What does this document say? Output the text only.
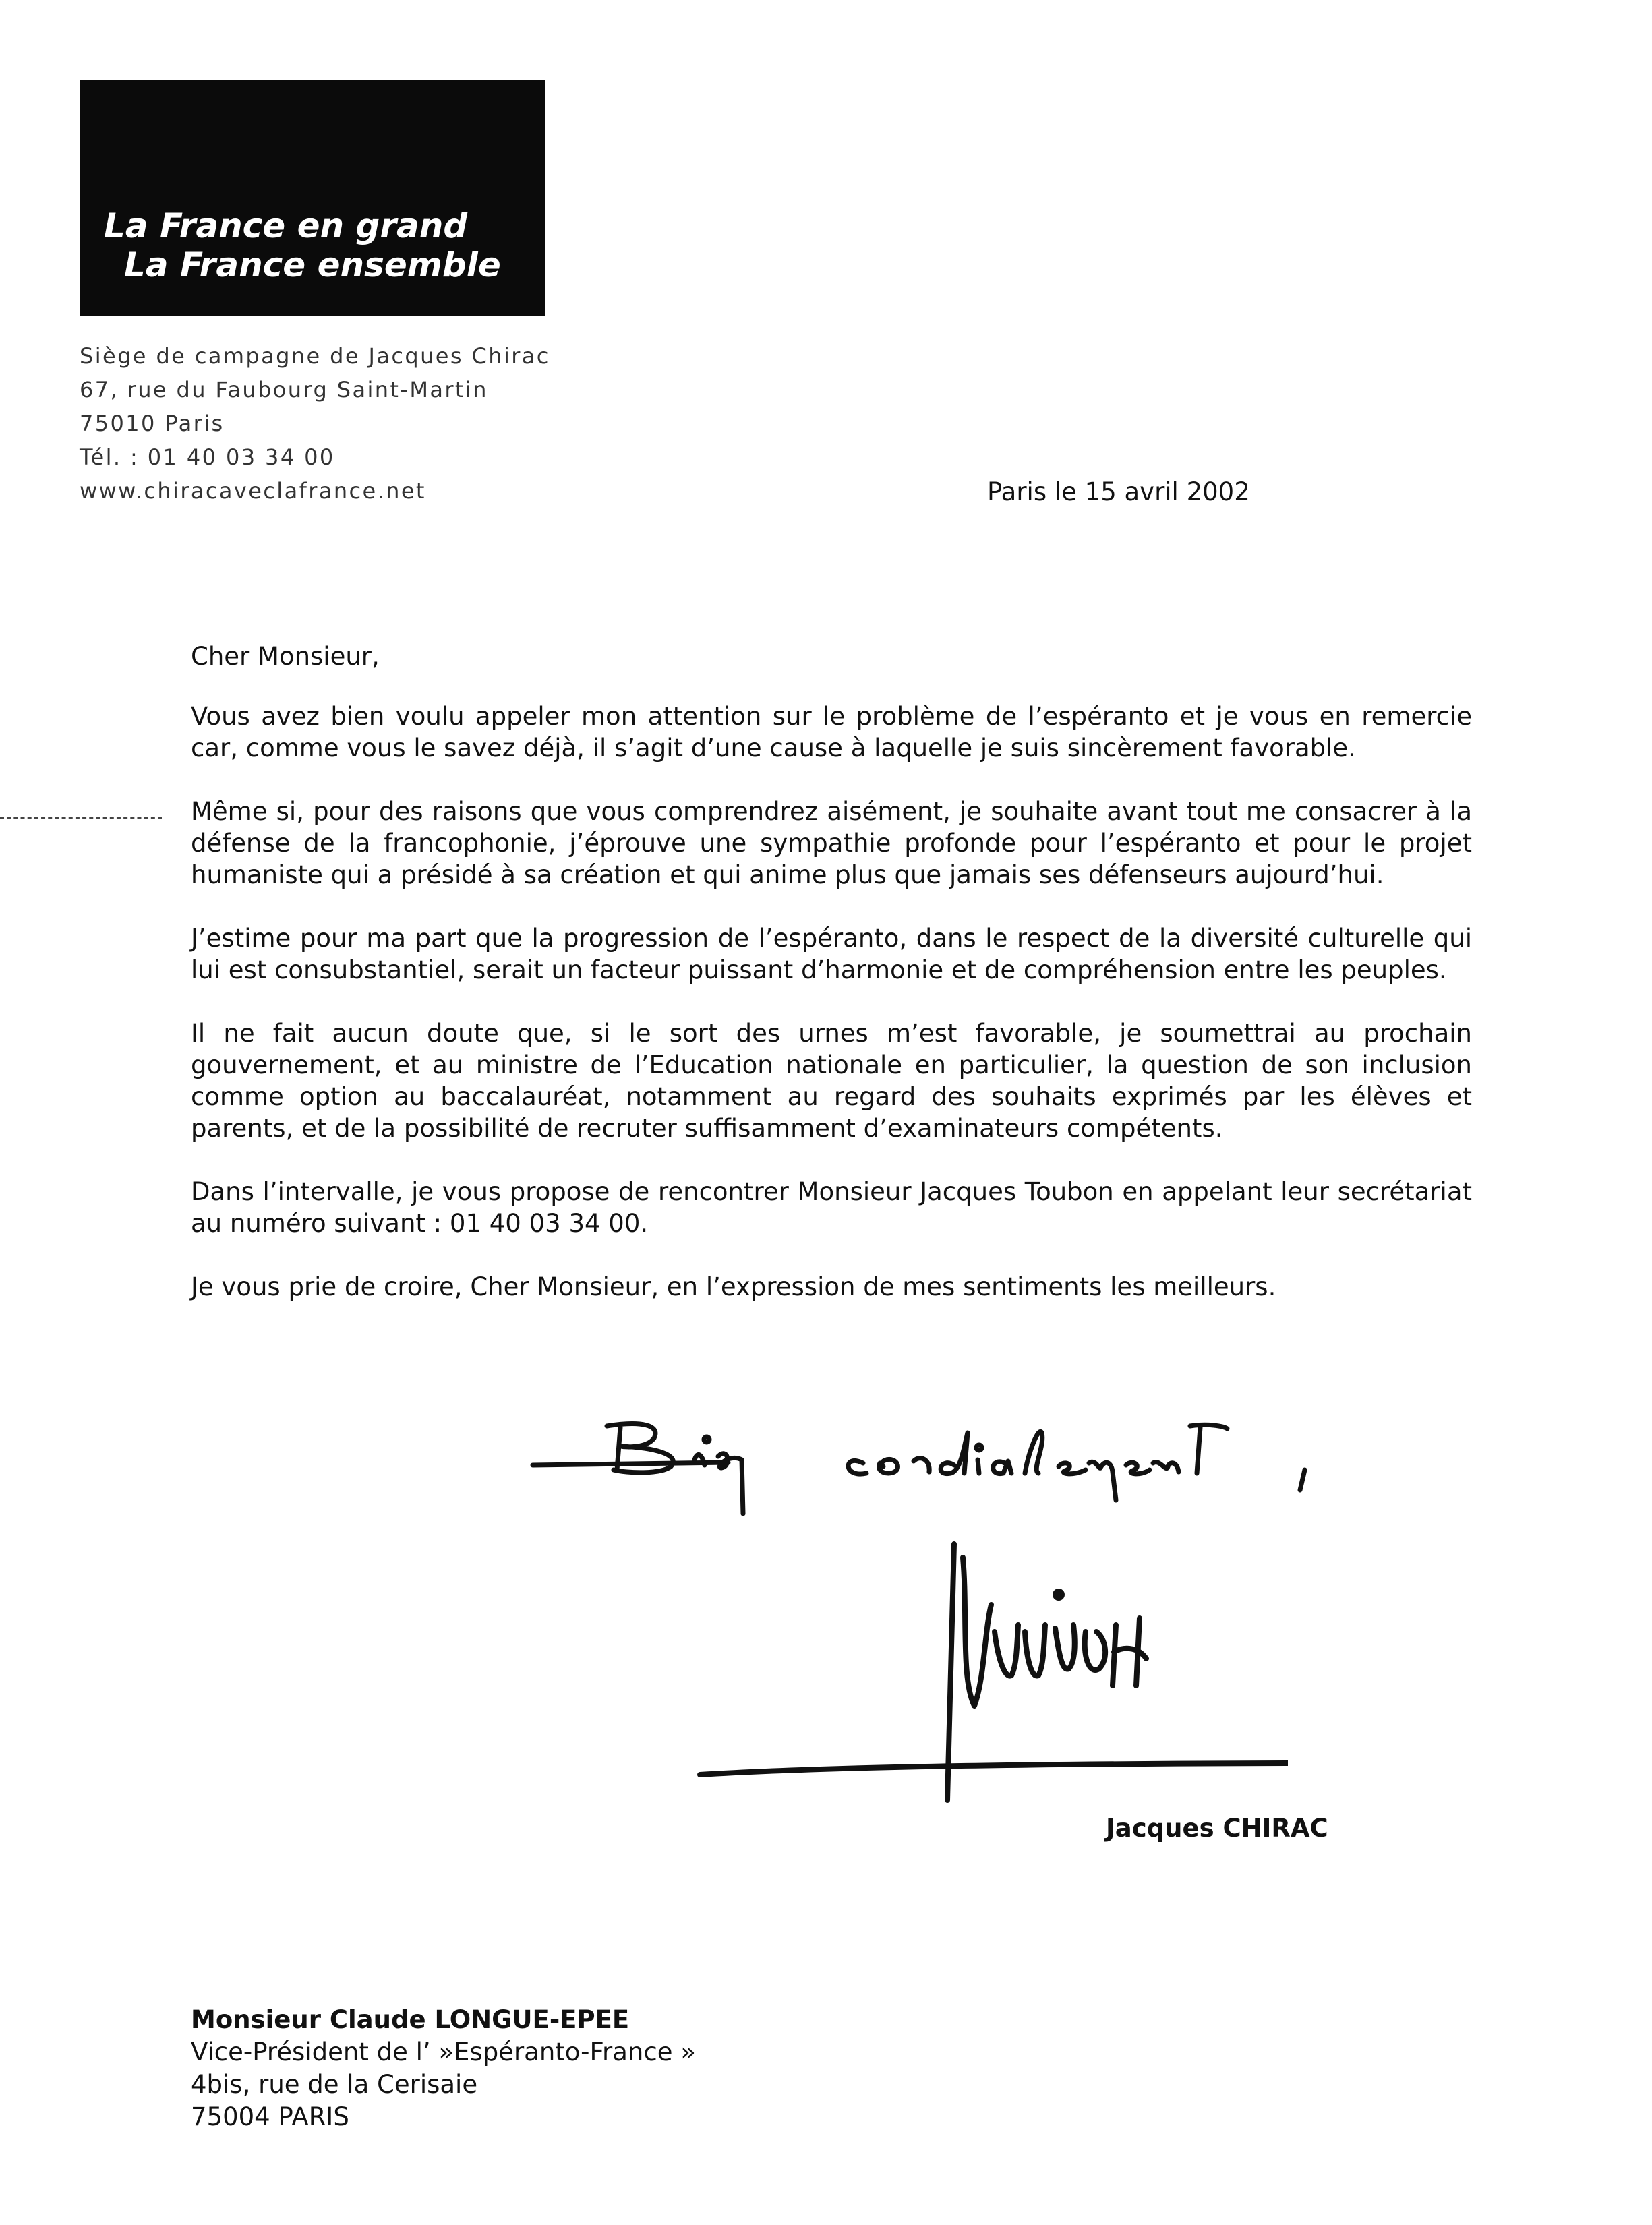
La France en grand
La France ensemble
Siège de campagne de Jacques Chirac
67, rue du Faubourg Saint-Martin
75010 Paris
Tél. : 01 40 03 34 00
www.chiracaveclafrance.net	Paris le 15 avril 2002

Cher Monsieur,

Vous avez bien voulu appeler mon attention sur le problème de l’espéranto et je vous en remercie car, comme vous le savez déjà, il s’agit d’une cause à laquelle je suis sincèrement favorable.

Même si, pour des raisons que vous comprendrez aisément, je souhaite avant tout me consacrer à la défense de la francophonie, j’éprouve une sympathie profonde pour l’espéranto et pour le projet humaniste qui a présidé à sa création et qui anime plus que jamais ses défenseurs aujourd’hui.

J’estime pour ma part que la progression de l’espéranto, dans le respect de la diversité culturelle qui lui est consubstantiel, serait un facteur puissant d’harmonie et de compréhension entre les peuples.

Il ne fait aucun doute que, si le sort des urnes m’est favorable, je soumettrai au prochain gouvernement, et au ministre de l’Education nationale en particulier, la question de son inclusion comme option au baccalauréat, notamment au regard des souhaits exprimés par les élèves et parents, et de la possibilité de recruter suffisamment d’examinateurs compétents.

Dans l’intervalle, je vous propose de rencontrer Monsieur Jacques Toubon en appelant leur secrétariat au numéro suivant : 01 40 03 34 00.

Je vous prie de croire, Cher Monsieur, en l’expression de mes sentiments les meilleurs.

Jacques CHIRAC
Monsieur Claude LONGUE-EPEE
Vice-Président de l’ »Espéranto-France »
4bis, rue de la Cerisaie
75004 PARIS
